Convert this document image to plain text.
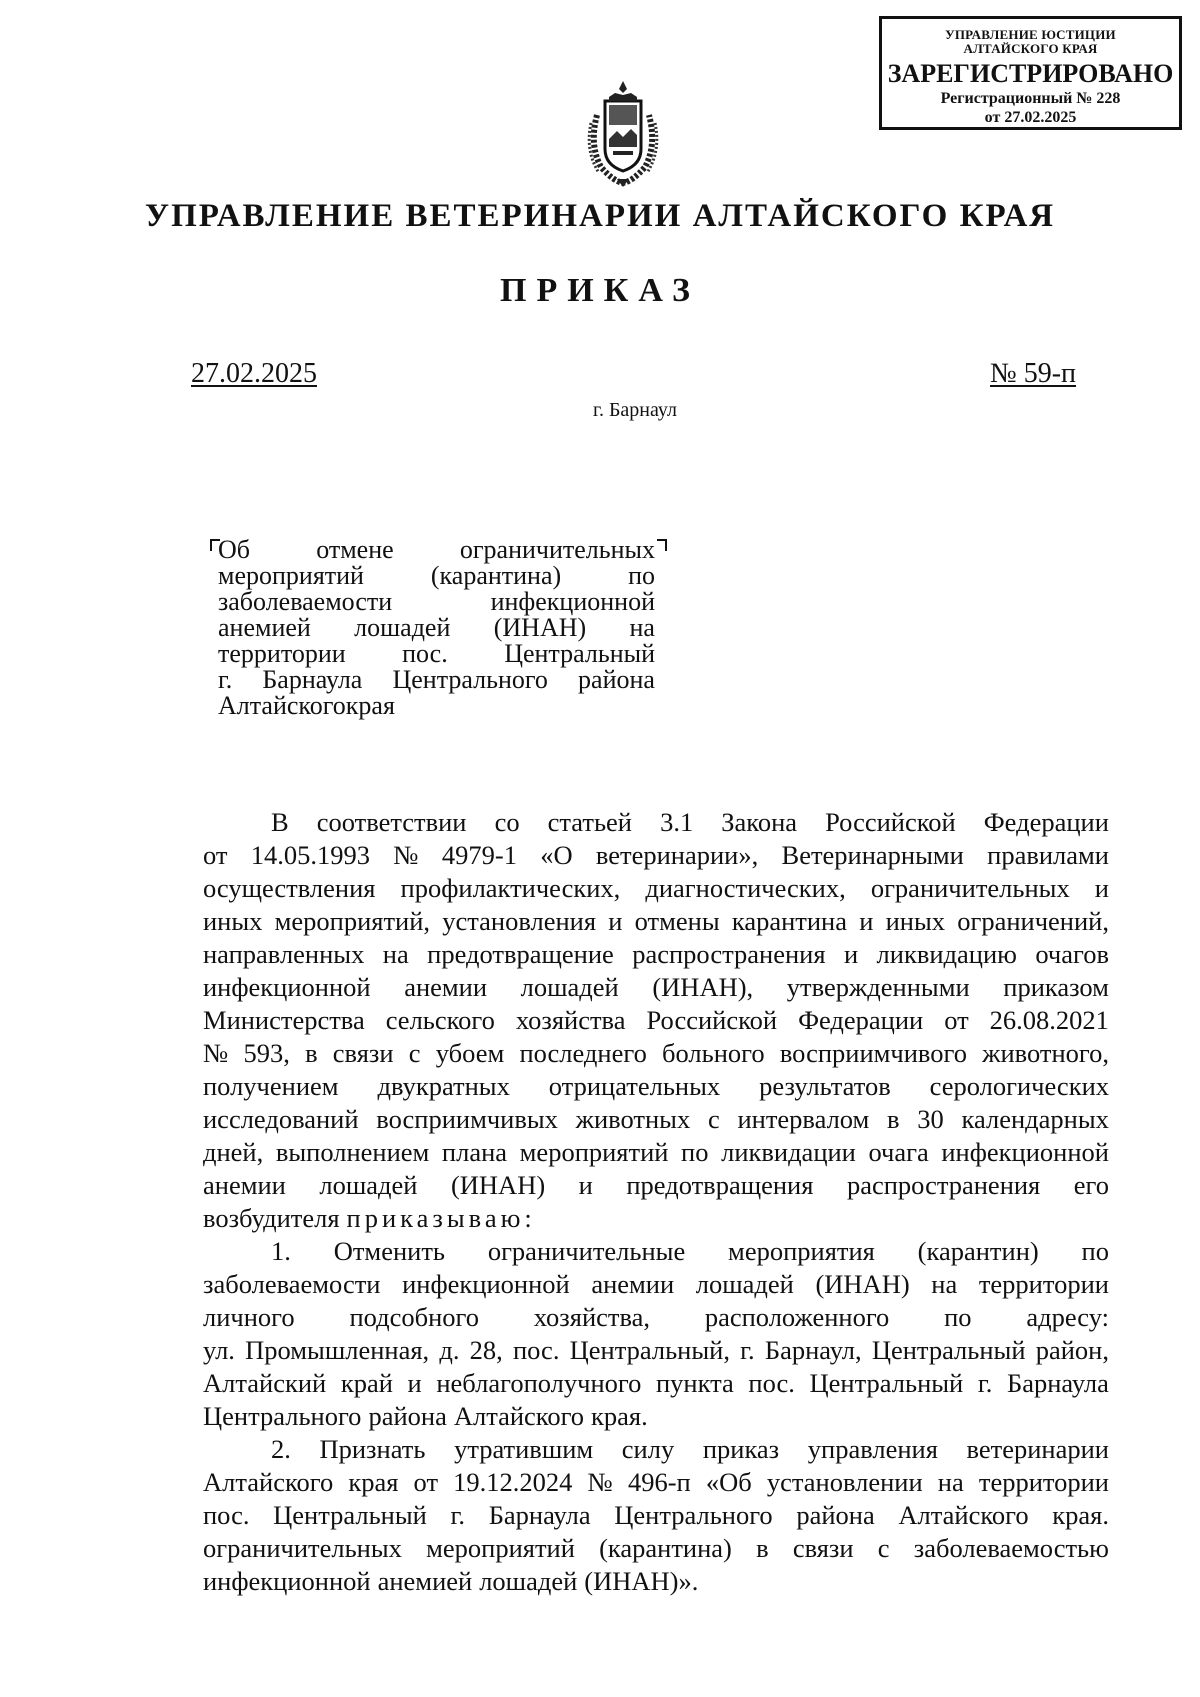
УПРАВЛЕНИЕ ЮСТИЦИИ
АЛТАЙСКОГО КРАЯ
ЗАРЕГИСТРИРОВАНО
Регистрационный № 228
от 27.02.2025
УПРАВЛЕНИЕ ВЕТЕРИНАРИИ АЛТАЙСКОГО КРАЯ
ПРИКАЗ
27.02.2025	№ 59-п
г. Барнаул
Об	отмене	ограничительных
мероприятий	(карантина)	по
заболеваемости	инфекционной
анемией лошадей (ИНАН) на
территории пос. Центральный
г. Барнаула Центрального района
Алтайского края
В соответствии со статьей 3.1 Закона Российской Федерации
от 14.05.1993 № 4979-1 «О ветеринарии», Ветеринарными правилами
осуществления профилактических, диагностических, ограничительных и
иных мероприятий, установления и отмены карантина и иных ограничений,
направленных на предотвращение распространения и ликвидацию очагов
инфекционной анемии лошадей (ИНАН), утвержденными приказом
Министерства сельского хозяйства Российской Федерации от 26.08.2021
№ 593, в связи с убоем последнего больного восприимчивого животного,
получением двукратных отрицательных результатов серологических
исследований восприимчивых животных с интервалом в 30 календарных
дней, выполнением плана мероприятий по ликвидации очага инфекционной
анемии лошадей (ИНАН) и предотвращения распространения его
возбудителя приказываю:
1. Отменить ограничительные мероприятия (карантин) по
заболеваемости инфекционной анемии лошадей (ИНАН) на территории
личного подсобного хозяйства, расположенного по адресу:
ул. Промышленная, д. 28, пос. Центральный, г. Барнаул, Центральный район,
Алтайский край и неблагополучного пункта пос. Центральный г. Барнаула
Центрального района Алтайского края.
2. Признать утратившим силу приказ управления ветеринарии
Алтайского края от 19.12.2024 № 496-п «Об установлении на территории
пос. Центральный г. Барнаула Центрального района Алтайского края.
ограничительных мероприятий (карантина) в связи с заболеваемостью
инфекционной анемией лошадей (ИНАН)».
